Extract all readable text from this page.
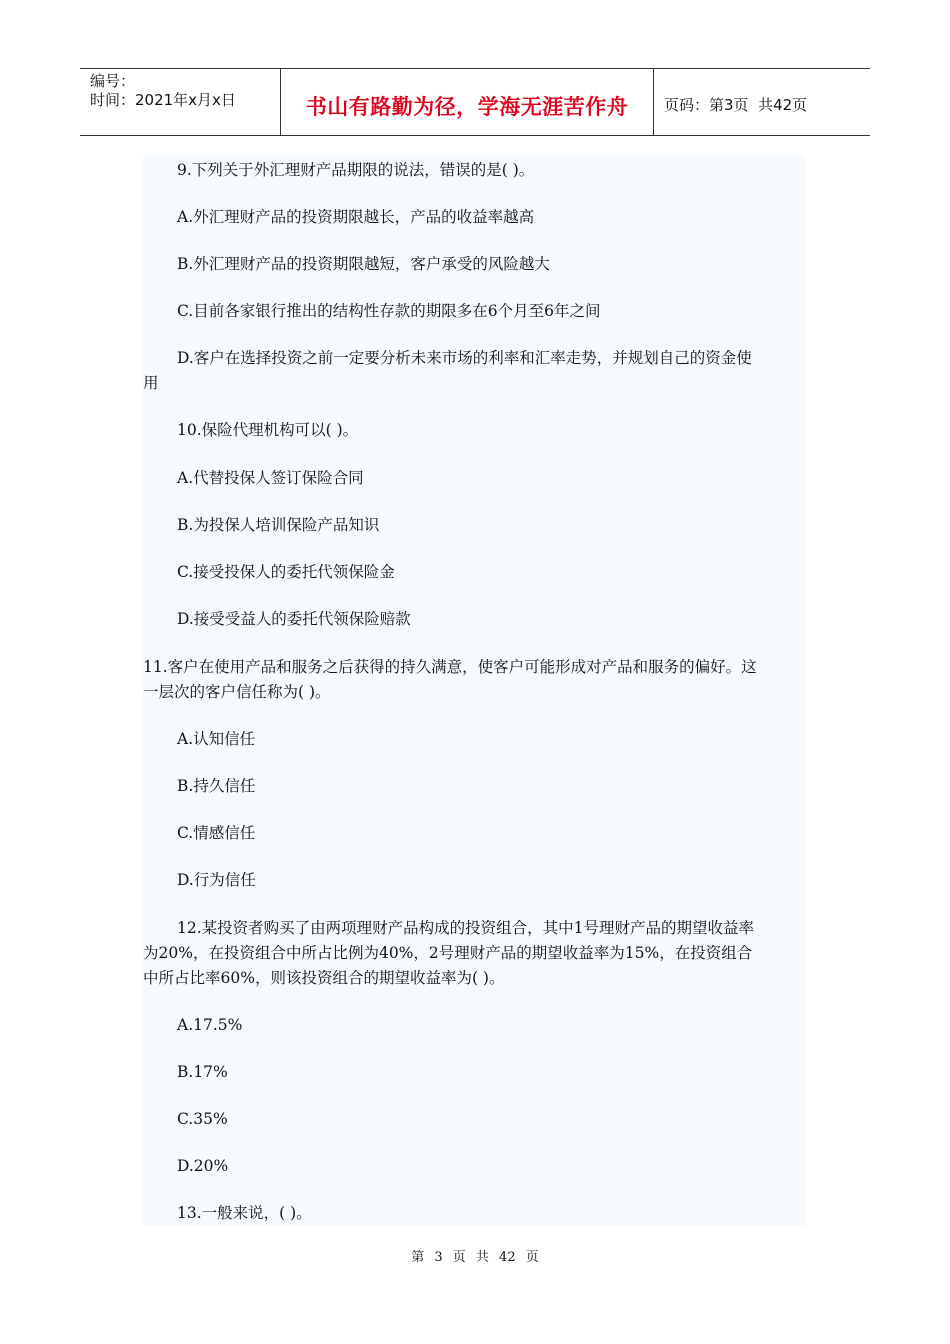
编号：
时间：2021年x月x日	书山有路勤为径，学海无涯苦作舟	页码：第3页  共42页
9.下列关于外汇理财产品期限的说法，错误的是( )。
A.外汇理财产品的投资期限越长，产品的收益率越高
B.外汇理财产品的投资期限越短，客户承受的风险越大
C.目前各家银行推出的结构性存款的期限多在6个月至6年之间
D.客户在选择投资之前一定要分析未来市场的利率和汇率走势，并规划自己的资金使
用
10.保险代理机构可以( )。
A.代替投保人签订保险合同
B.为投保人培训保险产品知识
C.接受投保人的委托代领保险金
D.接受受益人的委托代领保险赔款
11.客户在使用产品和服务之后获得的持久满意，使客户可能形成对产品和服务的偏好。这
一层次的客户信任称为( )。
A.认知信任
B.持久信任
C.情感信任
D.行为信任
12.某投资者购买了由两项理财产品构成的投资组合，其中1号理财产品的期望收益率
为20%，在投资组合中所占比例为40%，2号理财产品的期望收益率为15%，在投资组合
中所占比率60%，则该投资组合的期望收益率为( )。
A.17.5%
B.17%
C.35%
D.20%
13.一般来说，( )。
第 3 页 共 42 页
